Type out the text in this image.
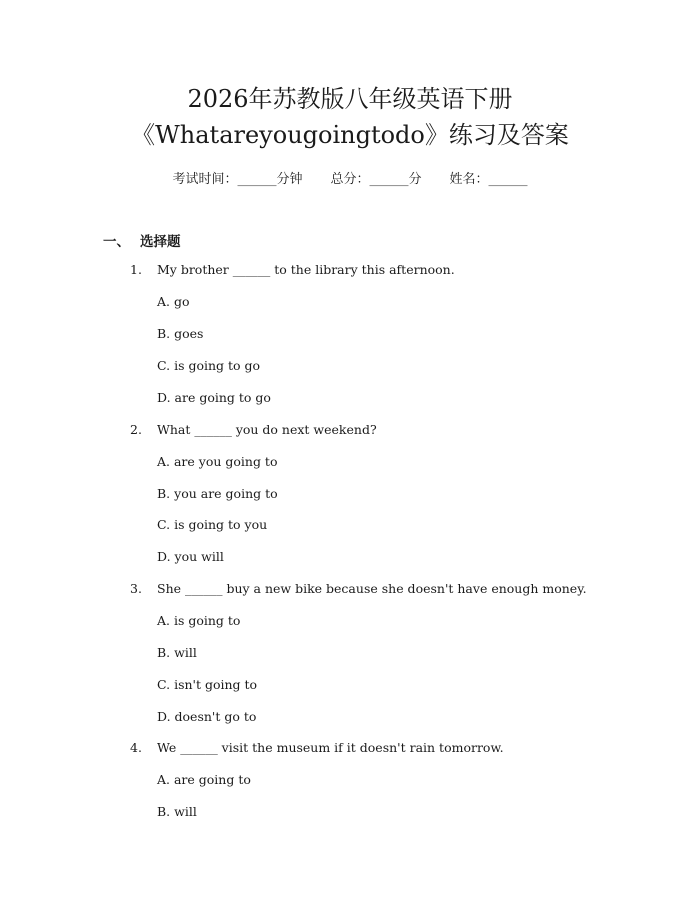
2026年苏教版八年级英语下册
《Whatareyougoingtodo》练习及答案
考试时间：______分钟 总分：______分 姓名：______
一、 选择题
1. My brother ______ to the library this afternoon.
A. go
B. goes
C. is going to go
D. are going to go
2. What ______ you do next weekend?
A. are you going to
B. you are going to
C. is going to you
D. you will
3. She ______ buy a new bike because she doesn't have enough money.
A. is going to
B. will
C. isn't going to
D. doesn't go to
4. We ______ visit the museum if it doesn't rain tomorrow.
A. are going to
B. will
